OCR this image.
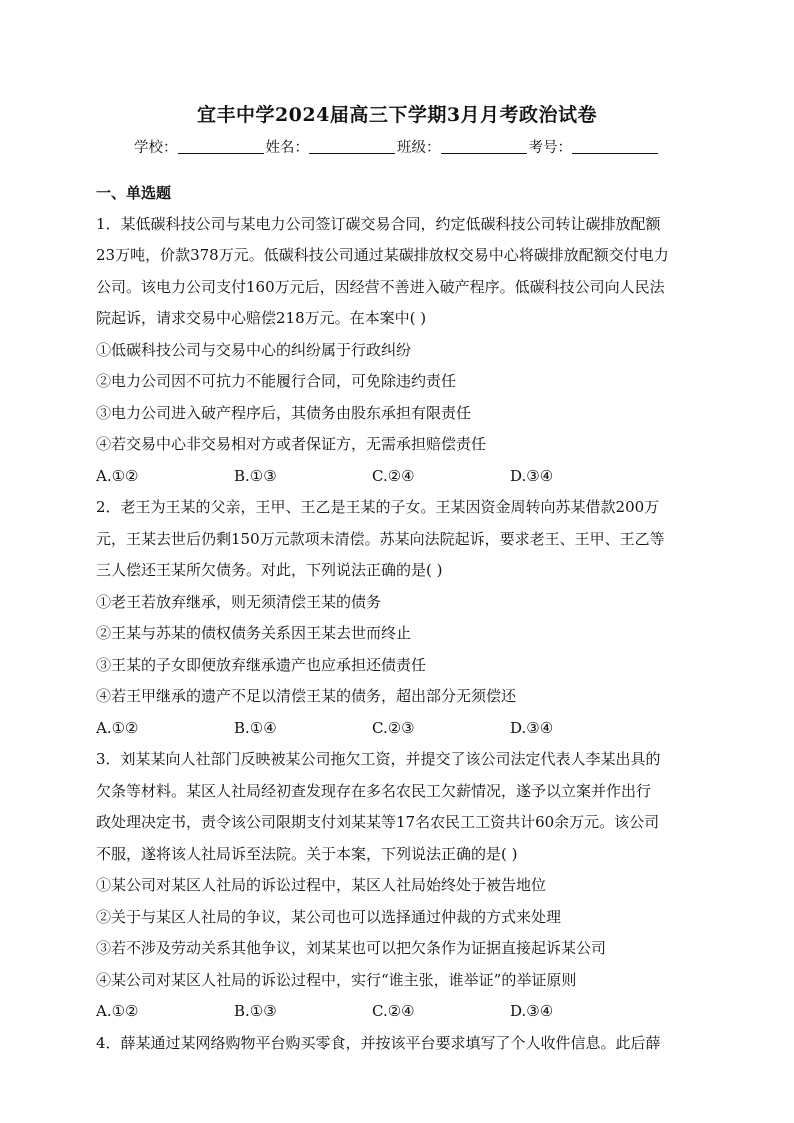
宜丰中学2024届高三下学期3月月考政治试卷
学校：	姓名：	班级：	考号：
一、单选题
1．某低碳科技公司与某电力公司签订碳交易合同，约定低碳科技公司转让碳排放配额
23万吨，价款378万元。低碳科技公司通过某碳排放权交易中心将碳排放配额交付电力
公司。该电力公司支付160万元后，因经营不善进入破产程序。低碳科技公司向人民法
院起诉，请求交易中心赔偿218万元。在本案中( )
①低碳科技公司与交易中心的纠纷属于行政纠纷
②电力公司因不可抗力不能履行合同，可免除违约责任
③电力公司进入破产程序后，其债务由股东承担有限责任
④若交易中心非交易相对方或者保证方，无需承担赔偿责任
A.①②	B.①③	C.②④	D.③④
2．老王为王某的父亲，王甲、王乙是王某的子女。王某因资金周转向苏某借款200万
元，王某去世后仍剩150万元款项未清偿。苏某向法院起诉，要求老王、王甲、王乙等
三人偿还王某所欠债务。对此，下列说法正确的是( )
①老王若放弃继承，则无须清偿王某的债务
②王某与苏某的债权债务关系因王某去世而终止
③王某的子女即便放弃继承遗产也应承担还债责任
④若王甲继承的遗产不足以清偿王某的债务，超出部分无须偿还
A.①②	B.①④	C.②③	D.③④
3．刘某某向人社部门反映被某公司拖欠工资，并提交了该公司法定代表人李某出具的
欠条等材料。某区人社局经初查发现存在多名农民工欠薪情况，遂予以立案并作出行
政处理决定书，责令该公司限期支付刘某某等17名农民工工资共计60余万元。该公司
不服，遂将该人社局诉至法院。关于本案，下列说法正确的是( )
①某公司对某区人社局的诉讼过程中，某区人社局始终处于被告地位
②关于与某区人社局的争议，某公司也可以选择通过仲裁的方式来处理
③若不涉及劳动关系其他争议，刘某某也可以把欠条作为证据直接起诉某公司
④某公司对某区人社局的诉讼过程中，实行“谁主张，谁举证”的举证原则
A.①②	B.①③	C.②④	D.③④
4．薛某通过某网络购物平台购买零食，并按该平台要求填写了个人收件信息。此后薛
